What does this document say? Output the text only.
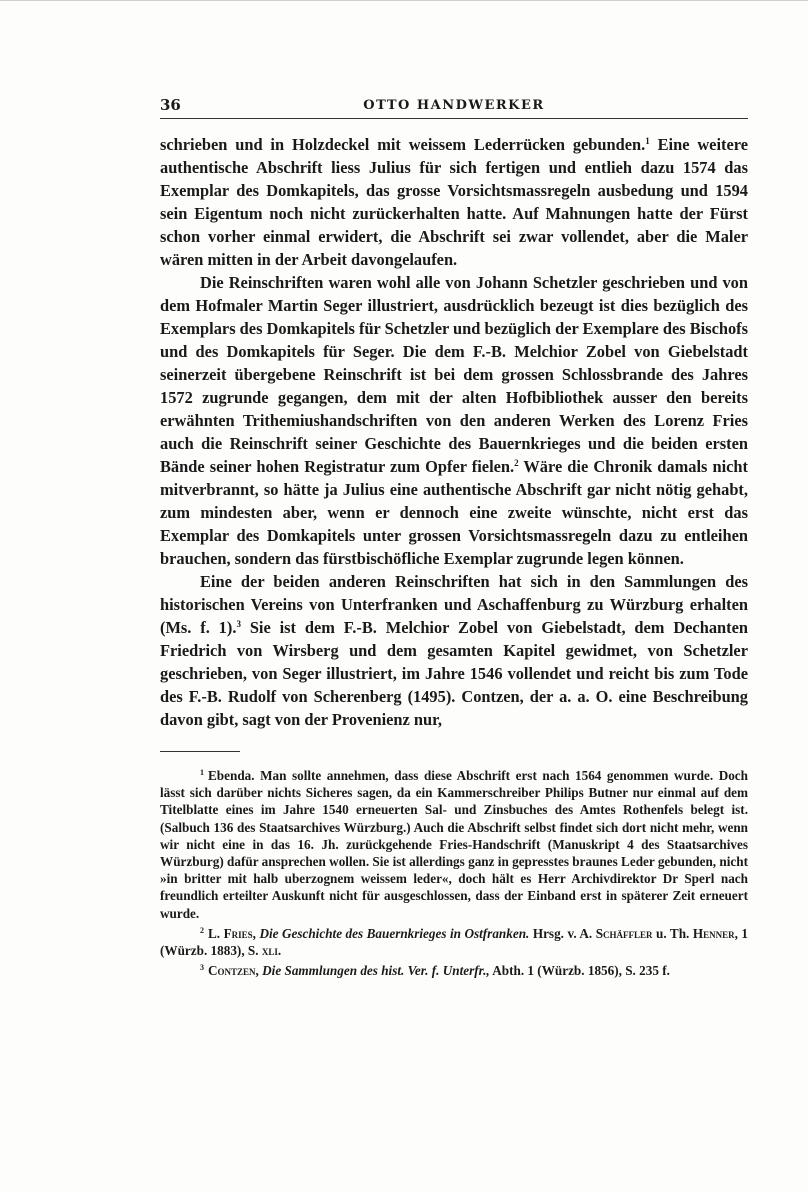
36	OTTO HANDWERKER

schrieben und in Holzdeckel mit weissem Lederrücken gebunden.$^1$ Eine weitere authentische Abschrift liess Julius für sich fertigen und entlieh dazu 1574 das Exemplar des Domkapitels, das grosse Vorsichtsmassregeln ausbedung und 1594 sein Eigentum noch nicht zurückerhalten hatte. Auf Mahnungen hatte der Fürst schon vorher einmal erwidert, die Abschrift sei zwar vollendet, aber die Maler wären mitten in der Arbeit davongelaufen.

Die Reinschriften waren wohl alle von Johann Schetzler geschrieben und von dem Hofmaler Martin Seger illustriert, ausdrücklich bezeugt ist dies bezüglich des Exemplars des Domkapitels für Schetzler und bezüglich der Exemplare des Bischofs und des Domkapitels für Seger. Die dem F.-B. Melchior Zobel von Giebelstadt seinerzeit übergebene Reinschrift ist bei dem grossen Schlossbrande des Jahres 1572 zugrunde gegangen, dem mit der alten Hofbibliothek ausser den bereits erwähnten Trithemiushandschriften von den anderen Werken des Lorenz Fries auch die Reinschrift seiner Geschichte des Bauernkrieges und die beiden ersten Bände seiner hohen Registratur zum Opfer fielen.$^2$ Wäre die Chronik damals nicht mitverbrannt, so hätte ja Julius eine authentische Abschrift gar nicht nötig gehabt, zum mindesten aber, wenn er dennoch eine zweite wünschte, nicht erst das Exemplar des Domkapitels unter grossen Vorsichtsmassregeln dazu zu entleihen brauchen, sondern das fürstbischöfliche Exemplar zugrunde legen können.

Eine der beiden anderen Reinschriften hat sich in den Sammlungen des historischen Vereins von Unterfranken und Aschaffenburg zu Würzburg erhalten (Ms. f. 1).$^3$ Sie ist dem F.-B. Melchior Zobel von Giebelstadt, dem Dechanten Friedrich von Wirsberg und dem gesamten Kapitel gewidmet, von Schetzler geschrieben, von Seger illustriert, im Jahre 1546 vollendet und reicht bis zum Tode des F.-B. Rudolf von Scherenberg (1495). Contzen, der a. a. O. eine Beschreibung davon gibt, sagt von der Provenienz nur,

$^1$ Ebenda. Man sollte annehmen, dass diese Abschrift erst nach 1564 genommen wurde. Doch lässt sich darüber nichts Sicheres sagen, da ein Kammerschreiber Philips Butner nur einmal auf dem Titelblatte eines im Jahre 1540 erneuerten Sal- und Zinsbuches des Amtes Rothenfels belegt ist. (Salbuch 136 des Staatsarchives Würzburg.) Auch die Abschrift selbst findet sich dort nicht mehr, wenn wir nicht eine in das 16. Jh. zurückgehende Fries-Handschrift (Manuskript 4 des Staatsarchives Würzburg) dafür ansprechen wollen. Sie ist allerdings ganz in gepresstes braunes Leder gebunden, nicht »in britter mit halb uberzognem weissem leder«, doch hält es Herr Archivdirektor Dr Sperl nach freundlich erteilter Auskunft nicht für ausgeschlossen, dass der Einband erst in späterer Zeit erneuert wurde.

$^2$ L. Fries, Die Geschichte des Bauernkrieges in Ostfranken. Hrsg. v. A. Schäffler u. Th. Henner, 1 (Würzb. 1883), S. xli.

$^3$ Contzen, Die Sammlungen des hist. Ver. f. Unterfr., Abth. 1 (Würzb. 1856), S. 235 f.
